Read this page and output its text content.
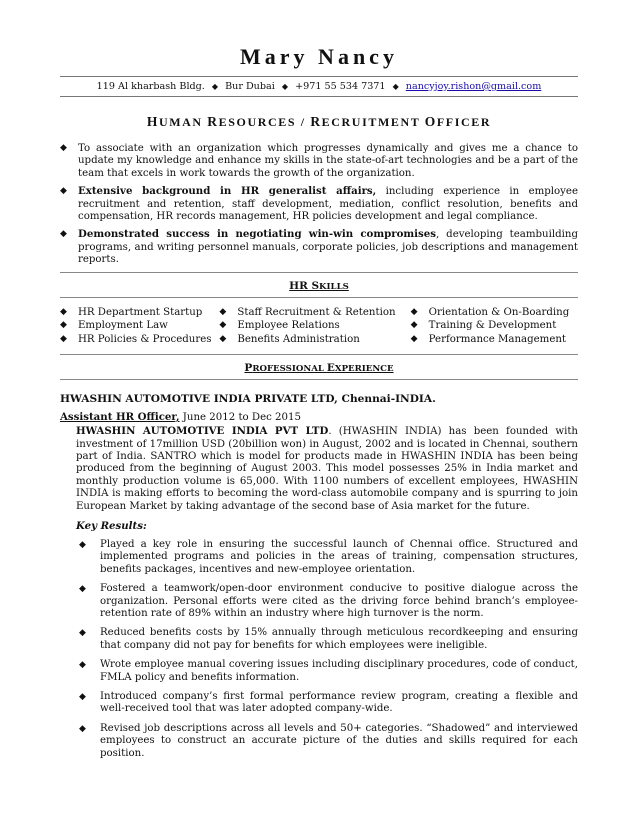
Mary Nancy
119 Al kharbash Bldg. ◆ Bur Dubai ◆ +971 55 534 7371 ◆ nancyjoy.rishon@gmail.com
HUMAN RESOURCES / RECRUITMENT OFFICER
◆ To associate with an organization which progresses dynamically and gives me a chance to update my knowledge and enhance my skills in the state-of-art technologies and be a part of the team that excels in work towards the growth of the organization.
◆ Extensive background in HR generalist affairs, including experience in employee recruitment and retention, staff development, mediation, conflict resolution, benefits and compensation, HR records management, HR policies development and legal compliance.
◆ Demonstrated success in negotiating win-win compromises, developing teambuilding programs, and writing personnel manuals, corporate policies, job descriptions and management reports.
HR SKILLS
◆ HR Department Startup
◆ Employment Law
◆ HR Policies & Procedures
◆ Staff Recruitment & Retention
◆ Employee Relations
◆ Benefits Administration
◆ Orientation & On-Boarding
◆ Training & Development
◆ Performance Management
PROFESSIONAL EXPERIENCE
HWASHIN AUTOMOTIVE INDIA PRIVATE LTD, Chennai-INDIA.
Assistant HR Officer, June 2012 to Dec 2015
HWASHIN AUTOMOTIVE INDIA PVT LTD. (HWASHIN INDIA) has been founded with investment of 17million USD (20billion won) in August, 2002 and is located in Chennai, southern part of India. SANTRO which is model for products made in HWASHIN INDIA has been being produced from the beginning of August 2003. This model possesses 25% in India market and monthly production volume is 65,000. With 1100 numbers of excellent employees, HWASHIN INDIA is making efforts to becoming the word-class automobile company and is spurring to join European Market by taking advantage of the second base of Asia market for the future.
Key Results:
◆ Played a key role in ensuring the successful launch of Chennai office. Structured and implemented programs and policies in the areas of training, compensation structures, benefits packages, incentives and new-employee orientation.
◆ Fostered a teamwork/open-door environment conducive to positive dialogue across the organization. Personal efforts were cited as the driving force behind branch’s employee-retention rate of 89% within an industry where high turnover is the norm.
◆ Reduced benefits costs by 15% annually through meticulous recordkeeping and ensuring that company did not pay for benefits for which employees were ineligible.
◆ Wrote employee manual covering issues including disciplinary procedures, code of conduct, FMLA policy and benefits information.
◆ Introduced company’s first formal performance review program, creating a flexible and well-received tool that was later adopted company-wide.
◆ Revised job descriptions across all levels and 50+ categories. “Shadowed” and interviewed employees to construct an accurate picture of the duties and skills required for each position.
